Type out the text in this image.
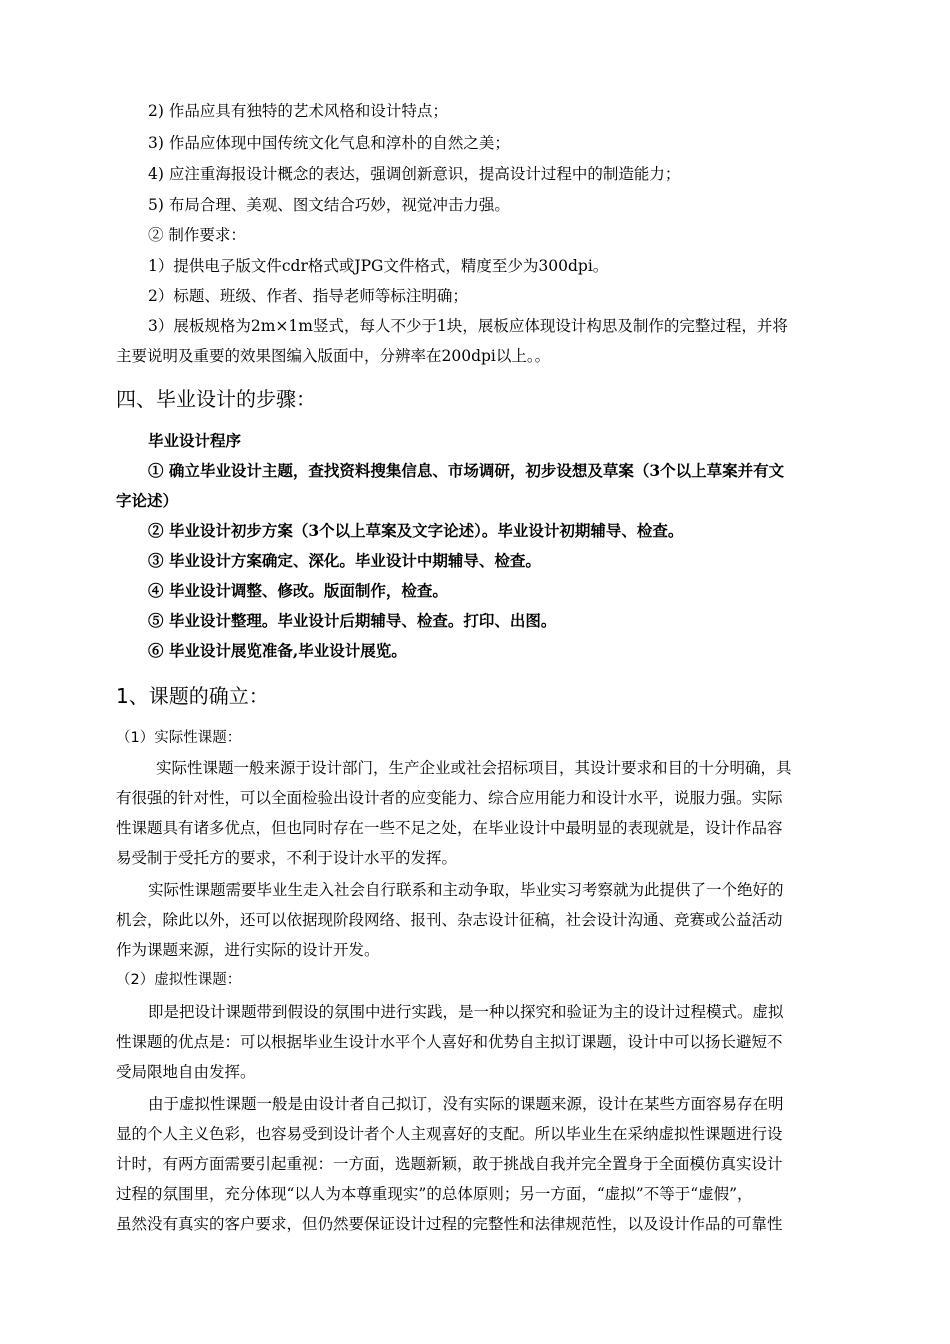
2) 作品应具有独特的艺术风格和设计特点；
3) 作品应体现中国传统文化气息和淳朴的自然之美；
4) 应注重海报设计概念的表达，强调创新意识，提高设计过程中的制造能力；
5) 布局合理、美观、图文结合巧妙，视觉冲击力强。
② 制作要求：
1）提供电子版文件cdr格式或JPG文件格式，精度至少为300dpi。
2）标题、班级、作者、指导老师等标注明确；
3）展板规格为2m×1m竖式，每人不少于1块，展板应体现设计构思及制作的完整过程，并将
主要说明及重要的效果图编入版面中，分辨率在200dpi以上。。
四、毕业设计的步骤：
毕业设计程序
① 确立毕业设计主题，查找资料搜集信息、市场调研，初步设想及草案（3个以上草案并有文
字论述）
② 毕业设计初步方案（3个以上草案及文字论述）。毕业设计初期辅导、检查。
③ 毕业设计方案确定、深化。毕业设计中期辅导、检查。
④ 毕业设计调整、修改。版面制作，检查。
⑤ 毕业设计整理。毕业设计后期辅导、检查。打印、出图。
⑥ 毕业设计展览准备,毕业设计展览。
1、课题的确立：
（1）实际性课题：
实际性课题一般来源于设计部门，生产企业或社会招标项目，其设计要求和目的十分明确，具
有很强的针对性，可以全面检验出设计者的应变能力、综合应用能力和设计水平，说服力强。实际
性课题具有诸多优点，但也同时存在一些不足之处，在毕业设计中最明显的表现就是，设计作品容
易受制于受托方的要求，不利于设计水平的发挥。
实际性课题需要毕业生走入社会自行联系和主动争取，毕业实习考察就为此提供了一个绝好的
机会，除此以外，还可以依据现阶段网络、报刊、杂志设计征稿，社会设计沟通、竞赛或公益活动
作为课题来源，进行实际的设计开发。
（2）虚拟性课题：
即是把设计课题带到假设的氛围中进行实践，是一种以探究和验证为主的设计过程模式。虚拟
性课题的优点是：可以根据毕业生设计水平个人喜好和优势自主拟订课题，设计中可以扬长避短不
受局限地自由发挥。
由于虚拟性课题一般是由设计者自己拟订，没有实际的课题来源，设计在某些方面容易存在明
显的个人主义色彩，也容易受到设计者个人主观喜好的支配。所以毕业生在采纳虚拟性课题进行设
计时，有两方面需要引起重视：一方面，选题新颖，敢于挑战自我并完全置身于全面模仿真实设计
过程的氛围里，充分体现“以人为本尊重现实”的总体原则；另一方面，“虚拟”不等于“虚假”，
虽然没有真实的客户要求，但仍然要保证设计过程的完整性和法律规范性，以及设计作品的可靠性
